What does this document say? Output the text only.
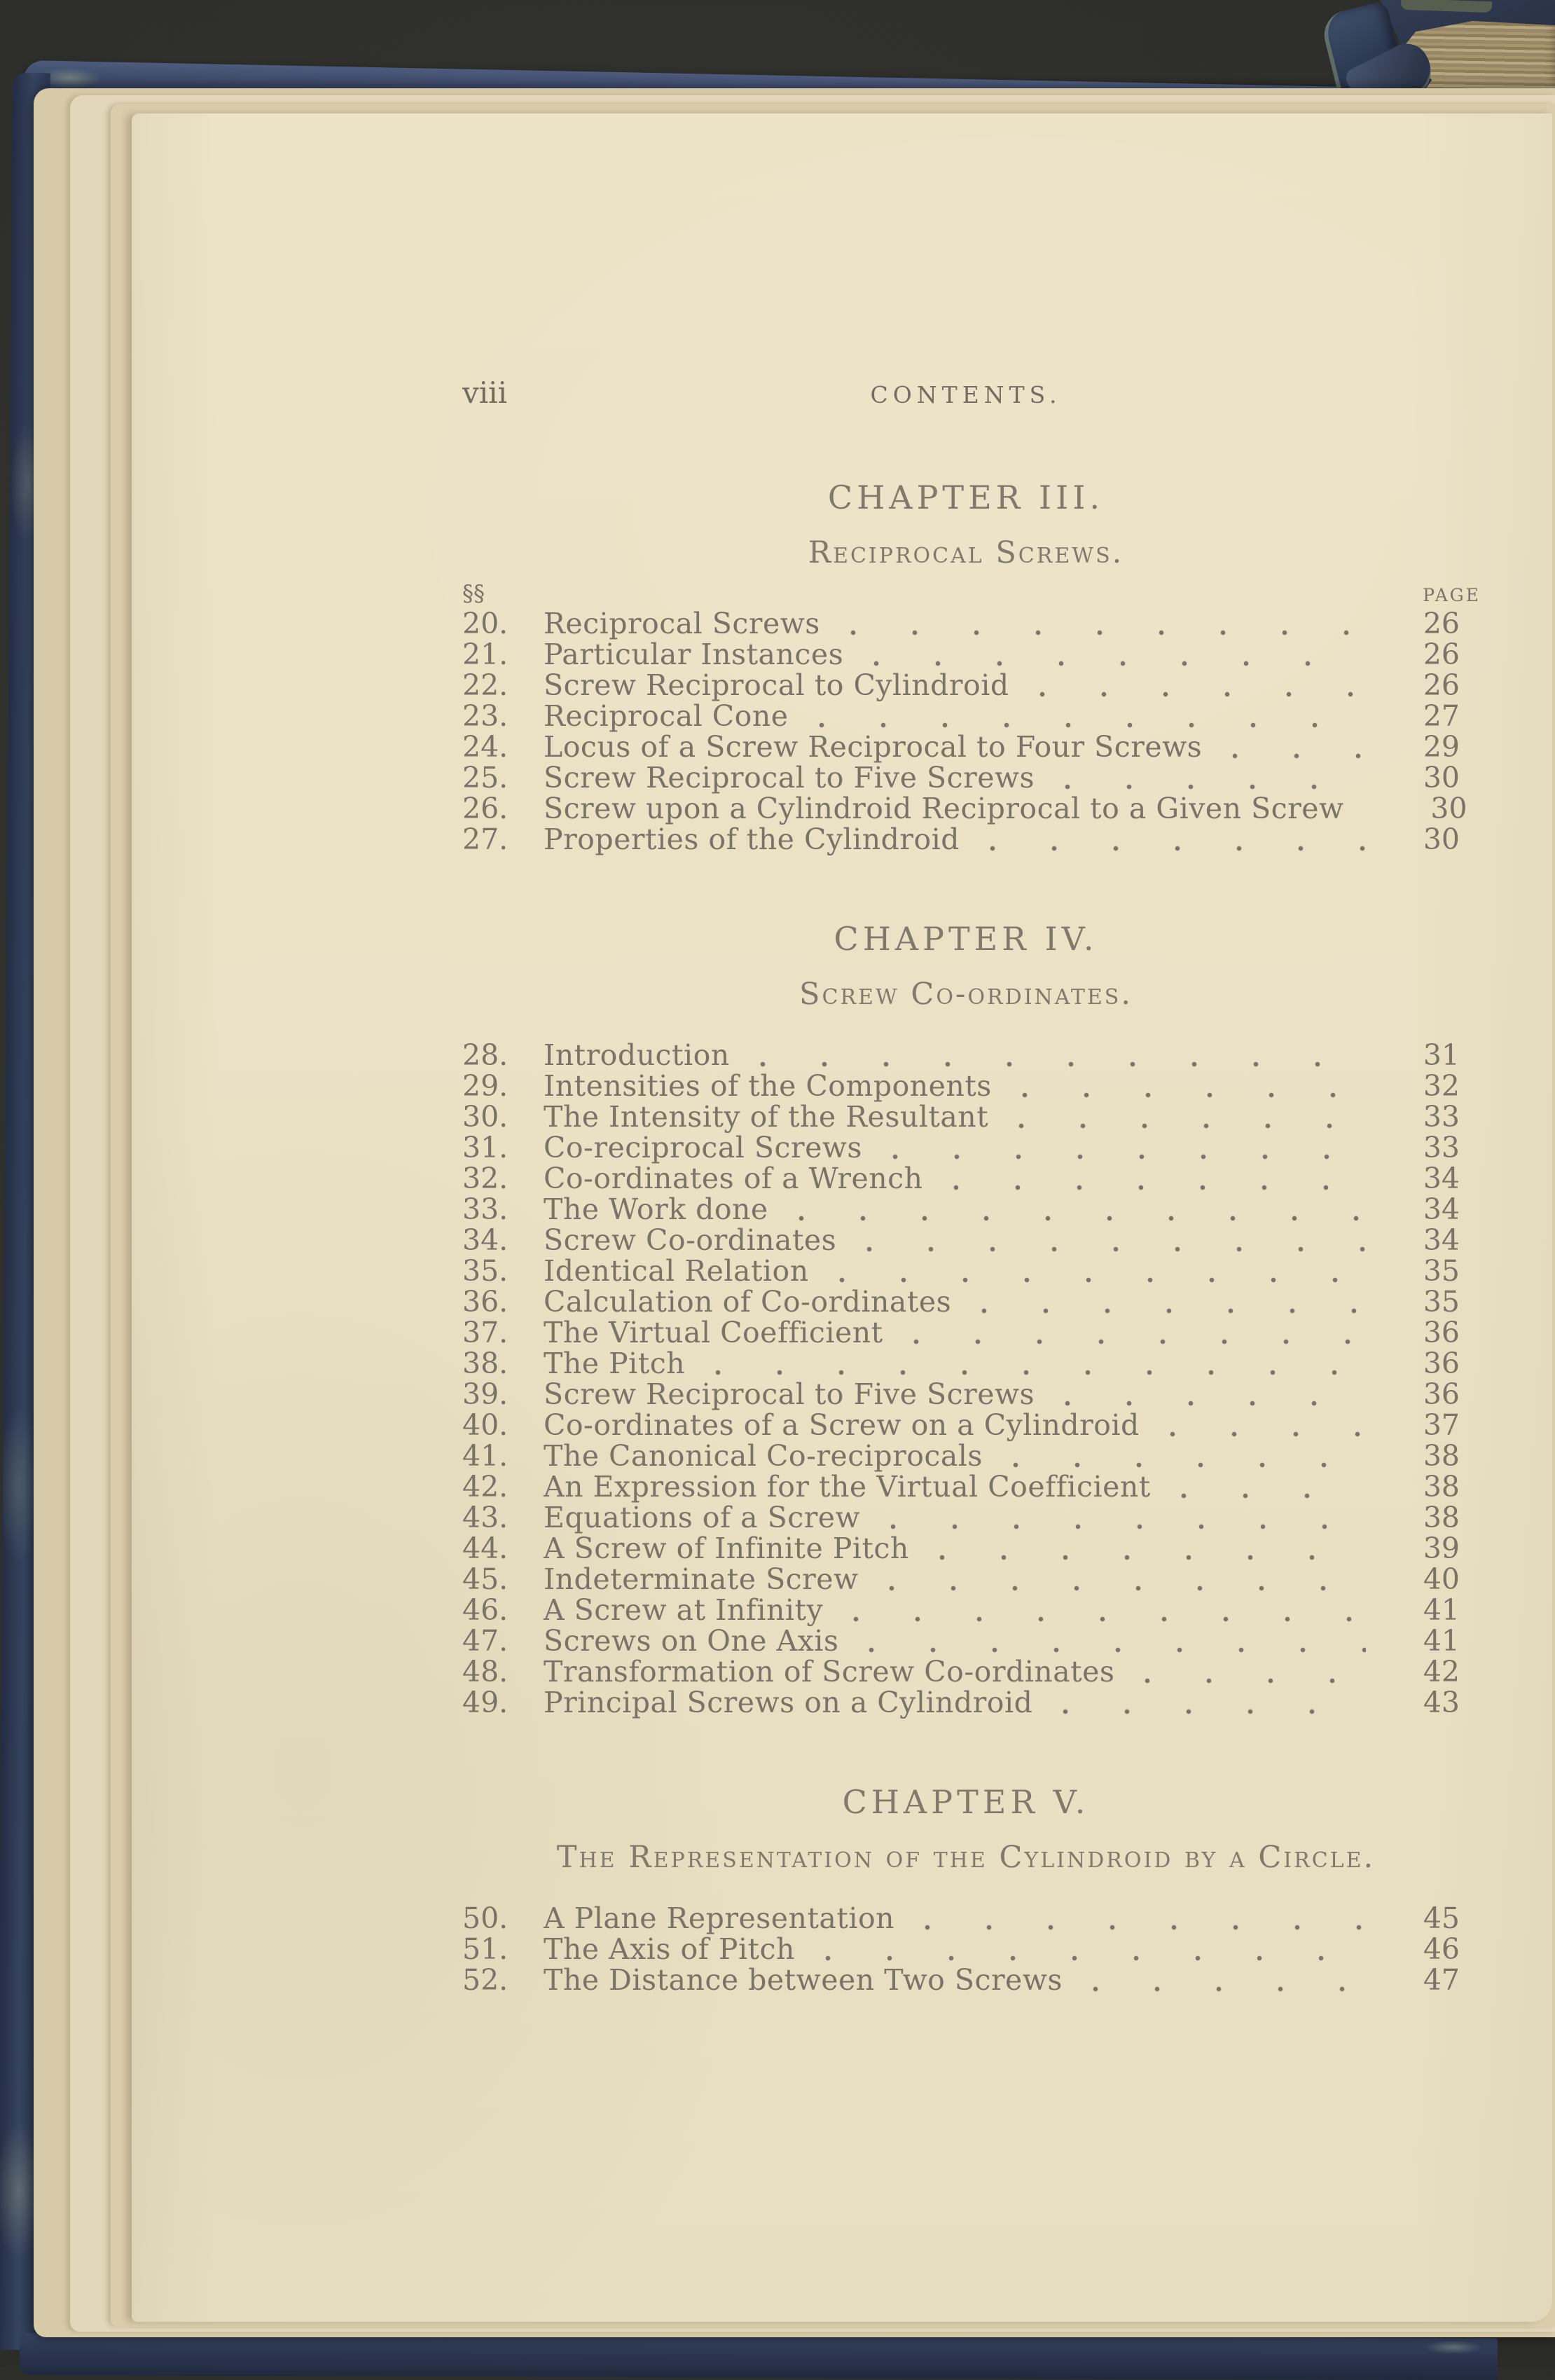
viii	CONTENTS.
CHAPTER III.
Reciprocal Screws.
§§	PAGE
20.	Reciprocal Screws	26
21.	Particular Instances	26
22.	Screw Reciprocal to Cylindroid	26
23.	Reciprocal Cone	27
24.	Locus of a Screw Reciprocal to Four Screws	29
25.	Screw Reciprocal to Five Screws	30
26.	Screw upon a Cylindroid Reciprocal to a Given Screw	30
27.	Properties of the Cylindroid	30
CHAPTER IV.
Screw Co-ordinates.
28.	Introduction	31
29.	Intensities of the Components	32
30.	The Intensity of the Resultant	33
31.	Co-reciprocal Screws	33
32.	Co-ordinates of a Wrench	34
33.	The Work done	34
34.	Screw Co-ordinates	34
35.	Identical Relation	35
36.	Calculation of Co-ordinates	35
37.	The Virtual Coefficient	36
38.	The Pitch	36
39.	Screw Reciprocal to Five Screws	36
40.	Co-ordinates of a Screw on a Cylindroid	37
41.	The Canonical Co-reciprocals	38
42.	An Expression for the Virtual Coefficient	38
43.	Equations of a Screw	38
44.	A Screw of Infinite Pitch	39
45.	Indeterminate Screw	40
46.	A Screw at Infinity	41
47.	Screws on One Axis	41
48.	Transformation of Screw Co-ordinates	42
49.	Principal Screws on a Cylindroid	43
CHAPTER V.
The Representation of the Cylindroid by a Circle.
50.	A Plane Representation	45
51.	The Axis of Pitch	46
52.	The Distance between Two Screws	47
